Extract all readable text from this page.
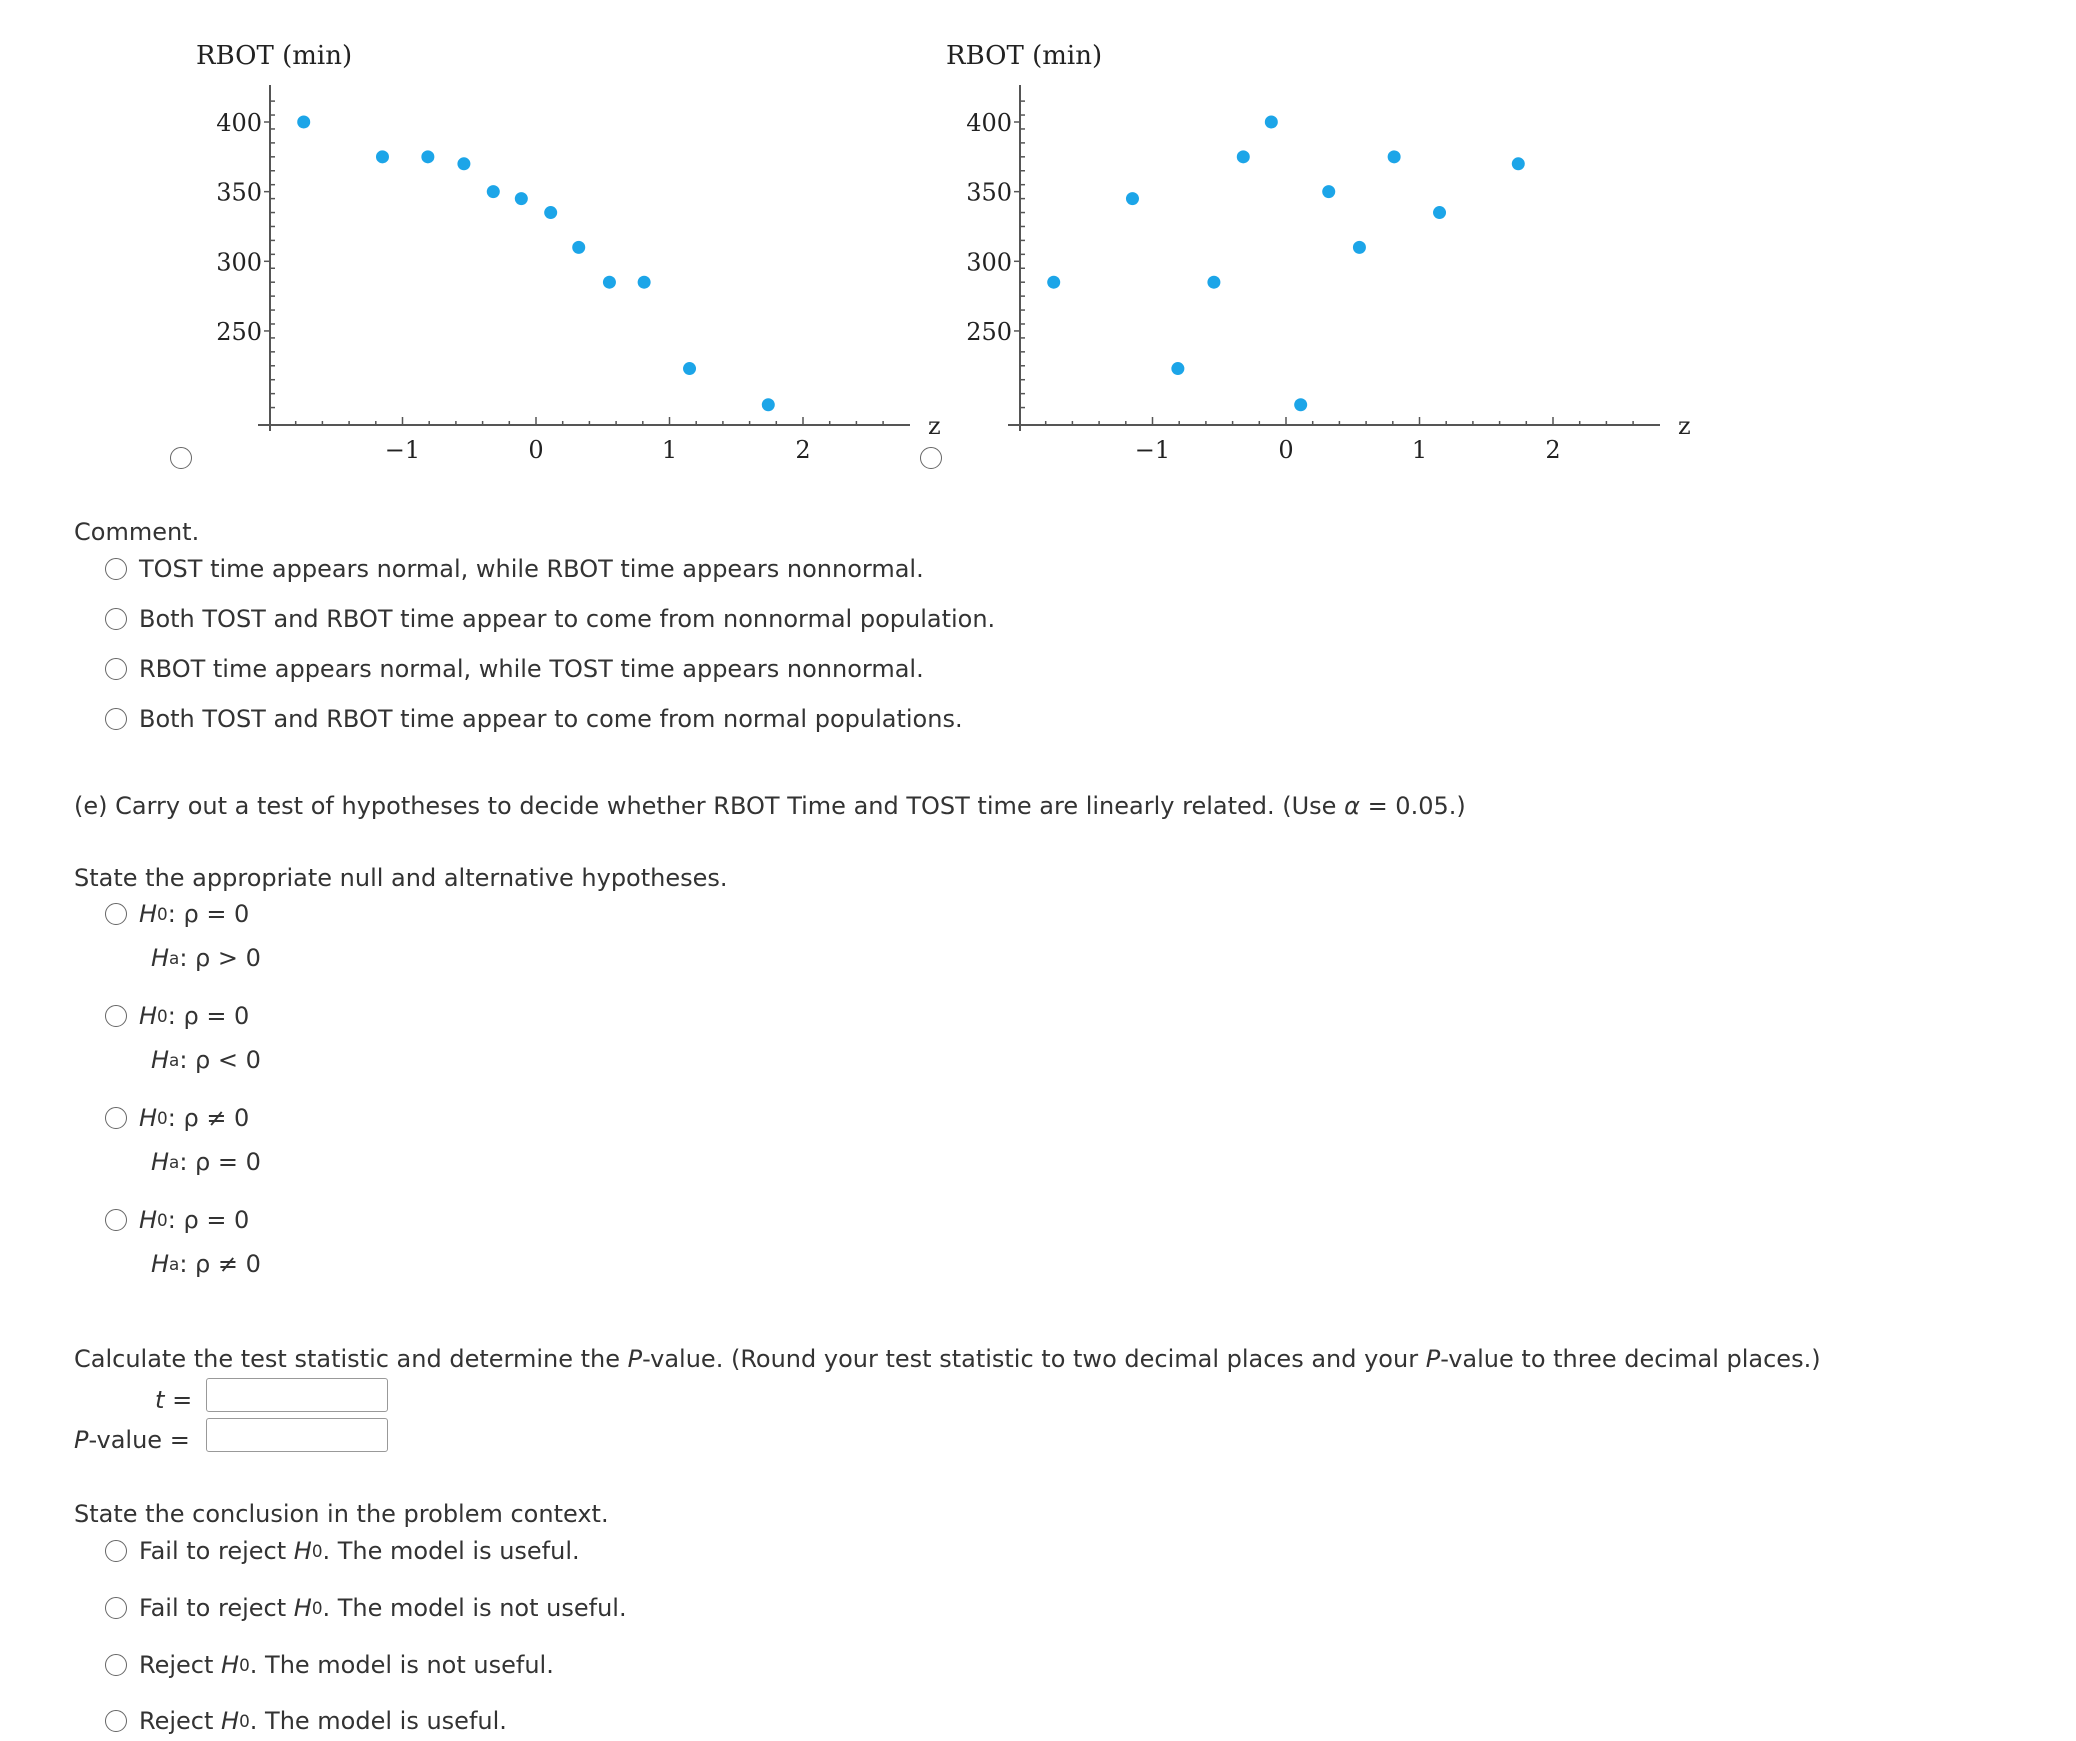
RBOT (min)
400
350
300
250
−1	0	1	2
z
RBOT (min)
400
350
300
250
−1	0	1	2
z
Comment.
TOST time appears normal, while RBOT time appears nonnormal.
Both TOST and RBOT time appear to come from nonnormal population.
RBOT time appears normal, while TOST time appears nonnormal.
Both TOST and RBOT time appear to come from normal populations.
(e) Carry out a test of hypotheses to decide whether RBOT Time and TOST time are linearly related. (Use α = 0.05.)
State the appropriate null and alternative hypotheses.
H 0 : ρ = 0
H a : ρ > 0
H 0 : ρ = 0
H a : ρ < 0
H 0 : ρ ≠ 0
H a : ρ = 0
H 0 : ρ = 0
H a : ρ ≠ 0
Calculate the test statistic and determine the P-value. (Round your test statistic to two decimal places and your P-value to three decimal places.)
t =
P-value =
State the conclusion in the problem context.
Fail to reject
H 0 . The model is useful.
Fail to reject
H 0 . The model is not useful.
Reject
H 0 . The model is not useful.
Reject
H 0 . The model is useful.
